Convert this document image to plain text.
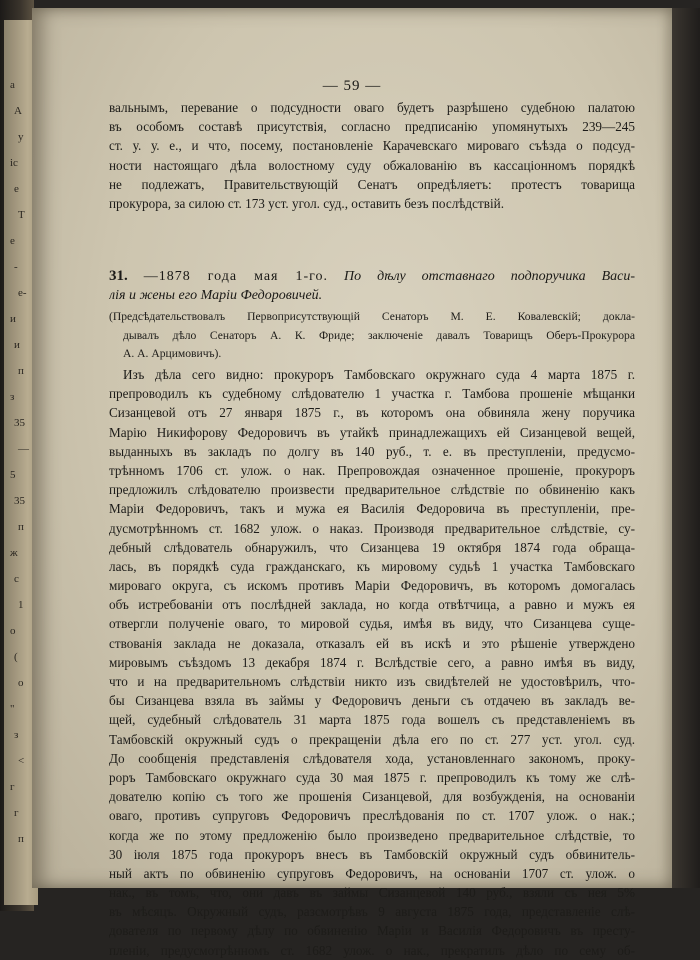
a
A
y
ic
e
T
e
-
е-
и
и
п
з
35
—
5
35
п
ж
с
1
о
(
о
"
з
<
г
г
п
— 59 —
вальнымъ, перевание о подсудности оваго будетъ разрѣшено судебною палатою
въ особомъ составѣ присутствія, согласно предписанію упомянутыхъ 239—245
ст. у. у. е., и что, посему, постановленіе Карачевскаго мироваго съѣзда о подсуд-
ности настоящаго дѣла волостному суду обжалованію въ кассаціонномъ порядкѣ
не подлежатъ, Правительствующій Сенатъ опредѣляетъ: протестъ товарища
прокурора, за силою ст. 173 уст. угол. суд., оставить безъ послѣдствій.
31. —1878 года мая 1-го. По дѣлу отставнаго подпоручика Васи-
лія и жены его Маріи Федоровичей.
(Предсѣдательствовалъ Первоприсутствующій Сенаторъ М. Е. Ковалевскій; докла-
дывалъ дѣло Сенаторъ А. К. Фриде; заключеніе давалъ Товарищъ Оберъ-Прокурора
А. А. Арцимовичъ).
Изъ дѣла сего видно: прокуроръ Тамбовскаго окружнаго суда 4 марта 1875 г.
препроводилъ къ судебному слѣдователю 1 участка г. Тамбова прошеніе мѣщанки
Сизанцевой отъ 27 января 1875 г., въ которомъ она обвиняла жену поручика
Марію Никифорову Федоровичъ въ утайкѣ принадлежащихъ ей Сизанцевой вещей,
выданныхъ въ закладъ по долгу въ 140 руб., т. е. въ преступленіи, предусмо-
трѣнномъ 1706 ст. улож. о нак. Препровождая означенное прошеніе, прокуроръ
предложилъ слѣдователю произвести предварительное слѣдствіе по обвиненію какъ
Маріи Федоровичъ, такъ и мужа ея Василія Федоровича въ преступленіи, пре-
дусмотрѣнномъ ст. 1682 улож. о наказ. Производя предварительное слѣдствіе, су-
дебный слѣдователь обнаружилъ, что Сизанцева 19 октября 1874 года обраща-
лась, въ порядкѣ суда гражданскаго, къ мировому судьѣ 1 участка Тамбовскаго
мироваго округа, съ искомъ противъ Маріи Федоровичъ, въ которомъ домогалась
объ истребованіи отъ послѣдней заклада, но когда отвѣтчица, а равно и мужъ ея
отвергли полученіе оваго, то мировой судья, имѣя въ виду, что Сизанцева суще-
ствованія заклада не доказала, отказалъ ей въ искѣ и это рѣшеніе утверждено
мировымъ съѣздомъ 13 декабря 1874 г. Вслѣдствіе сего, а равно имѣя въ виду,
что и на предварительномъ слѣдствіи никто изъ свидѣтелей не удостовѣрилъ, что-
бы Сизанцева взяла въ займы у Федоровичъ деньги съ отдачею въ закладъ ве-
щей, судебный слѣдователь 31 марта 1875 года вошелъ съ представленіемъ въ
Тамбовскій окружный судъ о прекращеніи дѣла его по ст. 277 уст. угол. суд.
До сообщенія представленія слѣдователя хода, установленнаго закономъ, проку-
роръ Тамбовскаго окружнаго суда 30 мая 1875 г. препроводилъ къ тому же слѣ-
дователю копію съ того же прошенія Сизанцевой, для возбужденія, на основаніи
оваго, противъ супруговъ Федоровичъ преслѣдованія по ст. 1707 улож. о нак.;
когда же по этому предложенію было произведено предварительное слѣдствіе, то
30 іюля 1875 года прокуроръ внесъ въ Тамбовскій окружный судъ обвинитель-
ный актъ по обвиненію супруговъ Федоровичъ, на основаніи 1707 ст. улож. о
нак., въ томъ, что, они давъ въ займы Сизанцевой 140 руб., взяли съ нея 5%
въ мѣсяцъ. Окружный судъ, разсмотрѣвъ 9 августа 1875 года, представленіе слѣ-
дователя по первому дѣлу по обвиненію Маріи и Василія Федоровичъ въ престу-
пленіи, предусмотрѣнномъ ст. 1682 улож. о нак., прекратилъ дѣло по сему об-
